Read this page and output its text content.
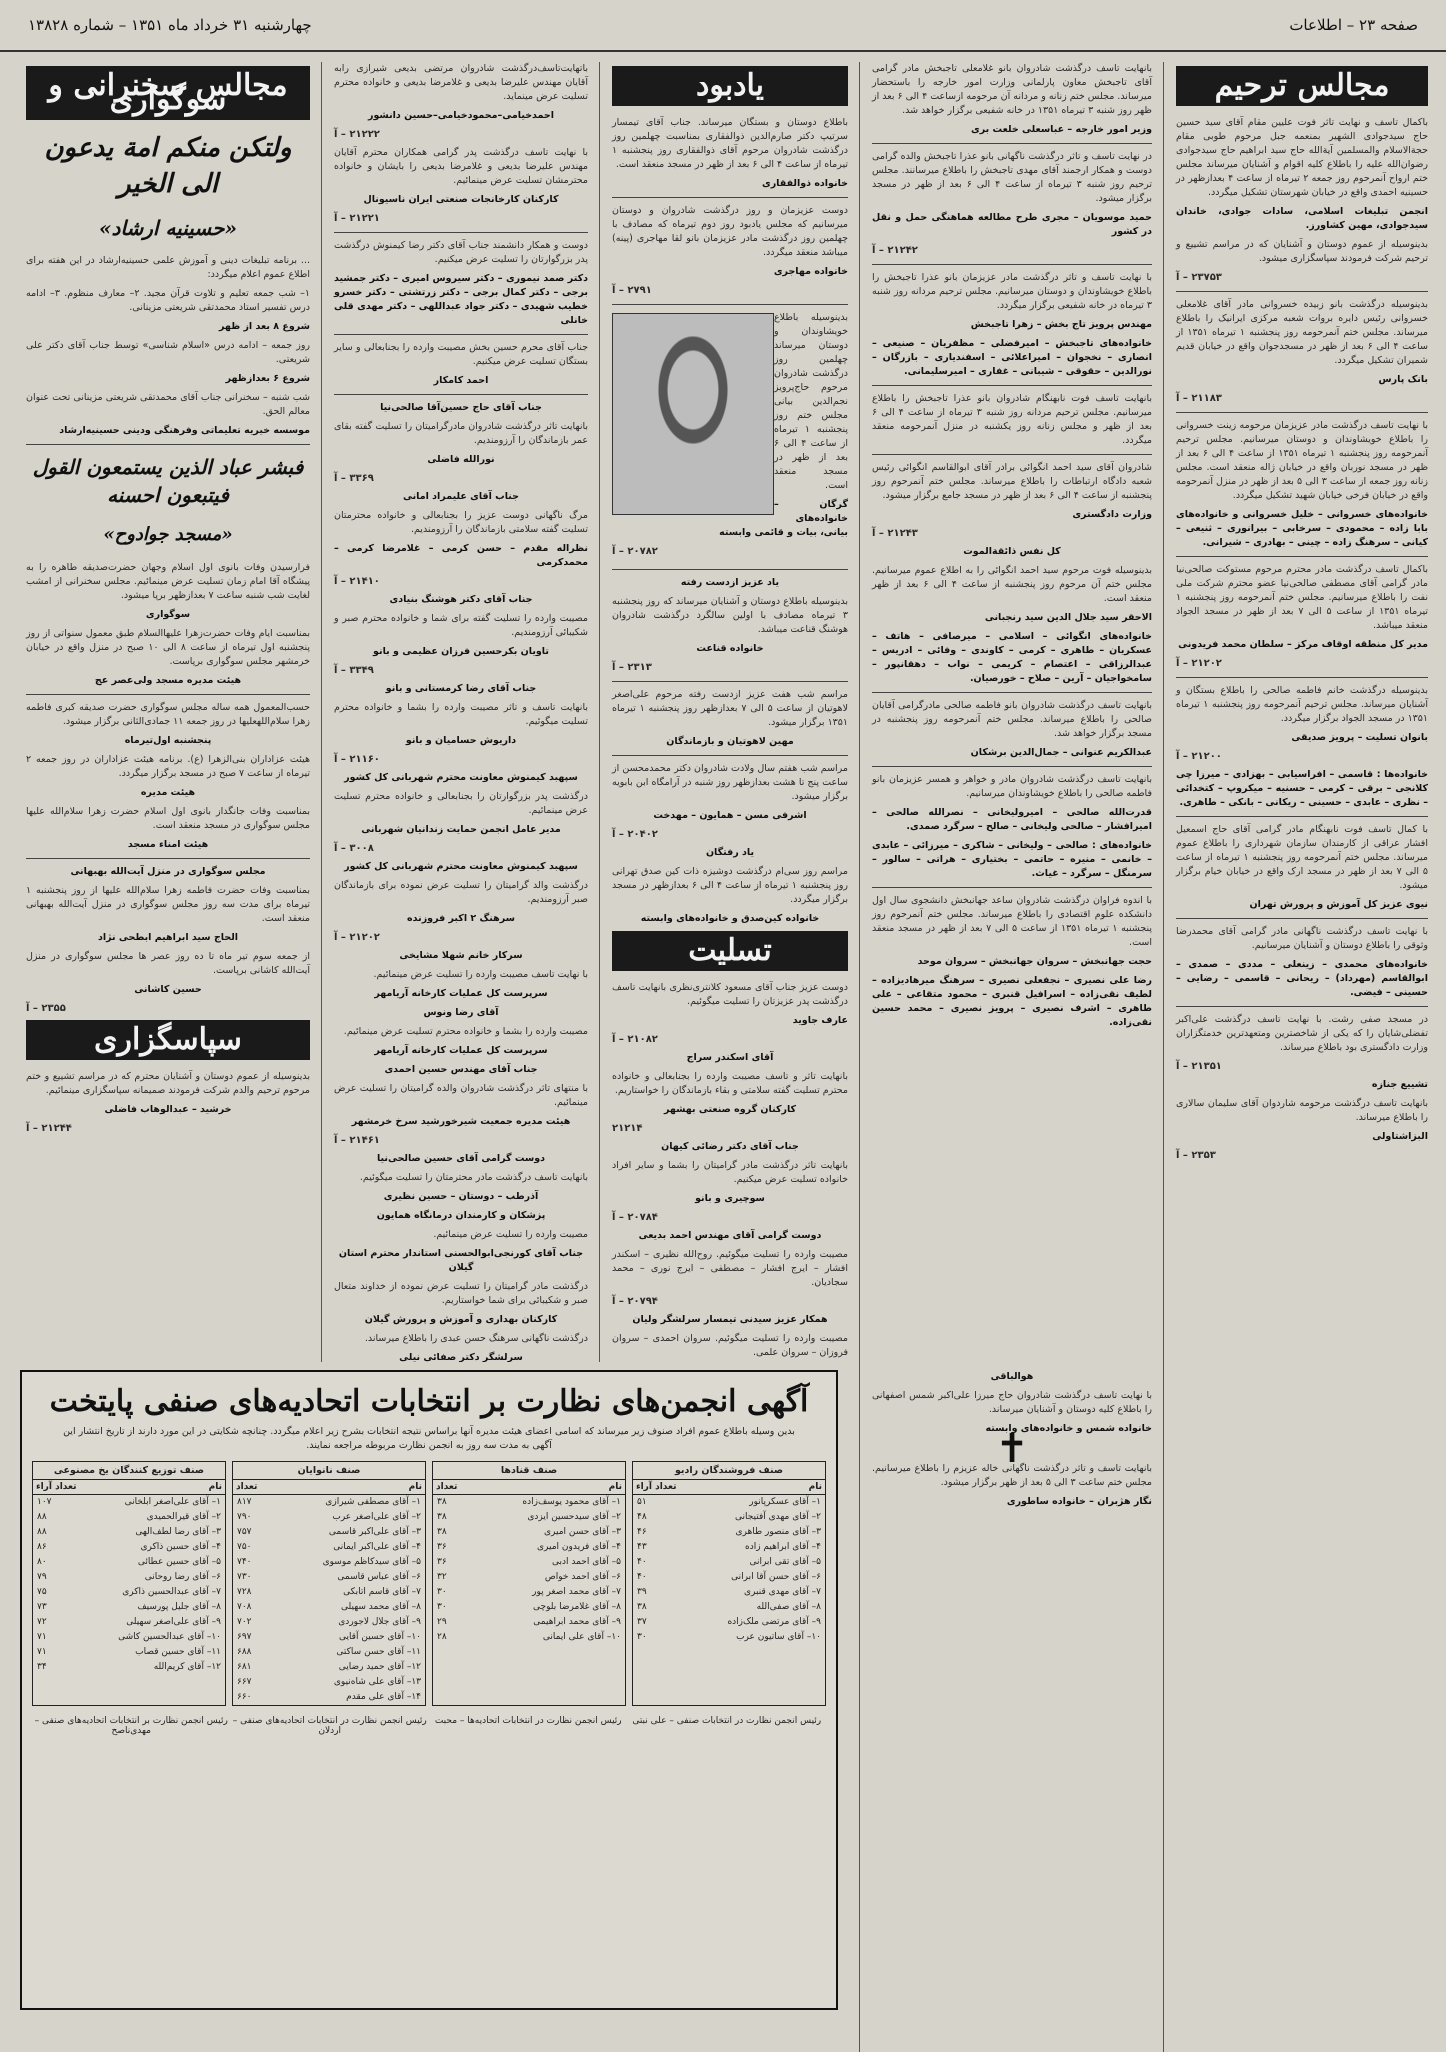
صفحه ۲۳ – اطلاعات
چهارشنبه ۳۱ خرداد ماه ۱۳۵۱ – شماره ۱۳۸۲۸
مجالس ترحیم

باکمال تاسف و نهایت تاثر فوت علیین مقام آقای سید حسین حاج سیدجوادی الشهیر بمنعمه جبل مرحوم طوبی مقام حجةالاسلام والمسلمین آیةالله حاج سید ابراهیم حاج سیدجوادی رضوان‌الله علیه را باطلاع کلیه اقوام و آشنایان میرساند مجلس ختم ارواح آنمرحوم روز جمعه ۲ تیرماه از ساعت ۴ بعدازظهر در حسینیه احمدی واقع در خیابان شهرستان تشکیل میگردد.

انجمن تبلیغات اسلامی، سادات جوادی، خاندان سیدجوادی، مهین کشاورز.

بدینوسیله از عموم دوستان و آشنایان که در مراسم تشییع و ترحیم شرکت فرمودند سپاسگزاری میشود.

۲۳۷۵۳ – آ

بدینوسیله درگذشت بانو زبیده خسروانی مادر آقای غلامعلی خسروانی رئیس دایره بروات شعبه مرکزی ایرانیک را باطلاع میرساند. مجلس ختم آنمرحومه روز پنجشنبه ۱ تیرماه ۱۳۵۱ از ساعت ۴ الی ۶ بعد از ظهر در مسجدجوان واقع در خیابان قدیم شمیران تشکیل میگردد.

بانک پارس

۲۱۱۸۳ – آ

با نهایت تاسف درگذشت مادر عزیزمان مرحومه زینت خسروانی را باطلاع خویشاوندان و دوستان میرسانیم. مجلس ترحیم آنمرحومه روز پنجشنبه ۱ تیرماه ۱۳۵۱ از ساعت ۴ الی ۶ بعد از ظهر در مسجد نوربان واقع در خیابان ژاله منعقد است. مجلس زنانه روز جمعه از ساعت ۳ الی ۵ بعد از ظهر در منزل آنمرحومه واقع در خیابان فرخی خیابان شهید تشکیل میگردد.

خانواده‌های خسروانی – خلیل خسروانی و خانواده‌های بابا زاده – محمودی – سرخابی – بیرانوری – ثنیعی – کیانی – سرهنگ زاده – چینی – بهادری – شیرانی.

باکمال تاسف درگذشت مادر محترم مرحوم مستوکت صالحی‌نیا مادر گرامی آقای مصطفی صالحی‌نیا عضو محترم شرکت ملی نفت را باطلاع میرسانیم. مجلس ختم آنمرحومه روز پنجشنبه ۱ تیرماه ۱۳۵۱ از ساعت ۵ الی ۷ بعد از ظهر در مسجد الجواد منعقد میباشد.

مدیر کل منطقه اوقاف مرکز – سلطان محمد فریدونی

۲۱۲۰۲ – آ

بدینوسیله درگذشت خانم فاطمه صالحی را باطلاع بستگان و آشنایان میرساند. مجلس ترحیم آنمرحومه روز پنجشنبه ۱ تیرماه ۱۳۵۱ در مسجد الجواد برگزار میگردد.

بانوان تسلیت – پرویز صدیقی

۲۱۲۰۰ – آ

خانواده‌ها : قاسمی – افراسیابی – بهزادی – میرزا چی کلانجی – برقی – کرمی – حسنیه – میکروپ – کتخدائی – نظری – عابدی – حسینی – ریکانی – بانکی – طاهری.

با کمال تاسف فوت نابهنگام مادر گرامی آقای حاج اسمعیل افشار عراقی از کارمندان سازمان شهرداری را باطلاع عموم میرساند. مجلس ختم آنمرحومه روز پنجشنبه ۱ تیرماه از ساعت ۵ الی ۷ بعد از ظهر در مسجد ارک واقع در خیابان خیام برگزار میشود.

نیوی عزیز کل آموزش و پرورش تهران

با نهایت تاسف درگذشت ناگهانی مادر گرامی آقای محمدرضا وثوقی را باطلاع دوستان و آشنایان میرسانیم.

خانواده‌های محمدی – زینعلی – مددی – صمدی – ابوالقاسم (مهرداد) – ریحانی – قاسمی – رضایی – حسینی – فیضی.

در مسجد صفی رشت. با نهایت تاسف درگذشت علی‌اکبر تفضلی‌شایان را که یکی از شاخصترین ومتعهدترین خدمتگزاران وزارت دادگستری بود باطلاع میرساند.

۲۱۳۵۱ – آ

تشییع جنازه

بانهایت تاسف درگذشت مرحومه شاردوان آقای سلیمان سالاری را باطلاع میرساند.

البزاشتاولی

۲۳۵۳ – آ

بانهایت تاسف درگذشت شادروان بانو غلامعلی تاجبخش مادر گرامی آقای تاجبخش معاون پارلمانی وزارت امور خارجه را باستحضار میرساند. مجلس ختم زنانه و مردانه آن مرحومه ازساعت ۴ الی ۶ بعد از ظهر روز شنبه ۳ تیرماه ۱۳۵۱ در خانه شفیعی برگزار خواهد شد.

وزیر امور خارجه – عباسعلی خلعت بری

در نهایت تاسف و تاثر درگذشت ناگهانی بانو عذرا تاجبخش والده گرامی دوست و همکار ارجمند آقای مهدی تاجبخش را باطلاع میرسانند. مجلس ترحیم روز شنبه ۳ تیرماه از ساعت ۴ الی ۶ بعد از ظهر در مسجد برگزار میشود.

حمید موسویان – مجری طرح مطالعه هماهنگی حمل و نقل در کشور

۲۱۲۴۲ – آ

با نهایت تاسف و تاثر درگذشت مادر عزیزمان بانو عذرا تاجبخش را باطلاع خویشاوندان و دوستان میرسانیم. مجلس ترحیم مردانه روز شنبه ۳ تیرماه در خانه شفیعی برگزار میگردد.

مهندس پرویز تاج بخش – زهرا تاجبخش

خانواده‌های تاجبخش – امیرفضلی – مظفریان – صنیعی – انصاری – نخجوان – امیراعلائی – اسفندیاری – بازرگان – نورالدین – حقوقی – شیبانی – غفاری – امیرسلیمانی.

بانهایت تاسف فوت نابهنگام شادروان بانو عذرا تاجبخش را باطلاع میرسانیم. مجلس ترحیم مردانه روز شنبه ۳ تیرماه از ساعت ۴ الی ۶ بعد از ظهر و مجلس زنانه روز یکشنبه در منزل آنمرحومه منعقد میگردد.

شادروان آقای سید احمد انگوائی برادر آقای ابوالقاسم انگوائی رئیس شعبه دادگاه ارتباطات را باطلاع میرساند. مجلس ختم آنمرحوم روز پنجشنبه از ساعت ۴ الی ۶ بعد از ظهر در مسجد جامع برگزار میشود.

وزارت دادگستری

۲۱۲۴۳ – آ

کل نفس ذائقةالموت

بدینوسیله فوت مرحوم سید احمد انگوائی را به اطلاع عموم میرسانیم. مجلس ختم آن مرحوم روز پنجشنبه از ساعت ۴ الی ۶ بعد از ظهر منعقد است.

الاحقر سید جلال الدین سید رنجبانی

خانواده‌های انگوائی – اسلامی – میرصافی – هاتف – عسکریان – طاهری – کرمی – کاوندی – وفائی – ادریس – عبدالرزاقی – اعتصام – کریمی – نواب – دهقانپور – سامخواجیان – آرین – صلاح – خورصیان.

بانهایت تاسف درگذشت شادروان بانو فاطمه صالحی مادرگرامی آقایان صالحی را باطلاع میرساند. مجلس ختم آنمرحومه روز پنجشنبه در مسجد برگزار خواهد شد.

عبدالکریم عنوانی – جمال‌الدین برشکان

بانهایت تاسف درگذشت شادروان مادر و خواهر و همسر عزیزمان بانو فاطمه صالحی را باطلاع خویشاوندان میرسانیم.

قدرت‌الله صالحی – امیرولیخانی – نصرالله صالحی – امیرافشار – صالحی ولیخانی – صالح – سرگرد صمدی.

خانواده‌های : صالحی – ولیخانی – شاکری – میرزائی – عابدی – خانمی – منیره – حاتمی – بختیاری – هراتی – سالور – سرمنگل – سرگرد – غیاث.

با اندوه فراوان درگذشت شادروان ساعد جهانبخش دانشجوی سال اول دانشکده علوم اقتصادی را باطلاع میرساند. مجلس ختم آنمرحوم روز پنجشنبه ۱ تیرماه ۱۳۵۱ از ساعت ۵ الی ۷ بعد از ظهر در مسجد منعقد است.

حجت جهانبخش – سروان جهانبخش – سروان موحد

رضا علی نصیری – نجفعلی نصیری – سرهنگ میرهادیزاده – لطیف نقی‌زاده – اسرافیل قنبری – محمود متقاعی – علی طاهری – اشرف نصیری – پرویز نصیری – محمد حسین نقی‌زاده.

هوالباقی

با نهایت تاسف درگذشت شادروان حاج میرزا علی‌اکبر شمس اصفهانی را باطلاع کلیه دوستان و آشنایان میرساند.

خانواده شمس و خانواده‌های وابسته

✝

بانهایت تاسف و تاثر درگذشت ناگهانی خاله عزیزم را باطلاع میرسانیم. مجلس ختم ساعت ۳ الی ۵ بعد از ظهر برگزار میشود.

نگار هژبران – خانواده ساطوری

یادبود

باطلاع دوستان و بستگان میرساند. جناب آقای تیمسار سرتیپ دکتر صارم‌الدین ذوالفقاری بمناسبت چهلمین روز درگذشت شادروان مرحوم آقای ذوالفقاری روز پنجشنبه ۱ تیرماه از ساعت ۴ الی ۶ بعد از ظهر در مسجد منعقد است.

خانواده ذوالفقاری

دوست عزیزمان و روز درگذشت شادروان و دوستان میرسانیم که مجلس یادبود روز دوم تیرماه که مصادف با چهلمین روز درگذشت مادر عزیزمان بانو لقا مهاجری (پینه) میباشد منعقد میگردد.

خانواده مهاجری

۲۷۹۱ – آ

بدینوسیله باطلاع خویشاوندان و دوستان میرساند چهلمین روز درگذشت شادروان مرحوم حاج‌پرویز نجم‌الدین بیانی مجلس ختم روز پنجشنبه ۱ تیرماه از ساعت ۴ الی ۶ بعد از ظهر در مسجد منعقد است.

گرگان – خانواده‌های بیانی، بیات و قائمی وابسته

۲۰۷۸۲ – آ

یاد عزیز ازدست رفته

بدینوسیله باطلاع دوستان و آشنایان میرساند که روز پنجشنبه ۳ تیرماه مصادف با اولین سالگرد درگذشت شادروان هوشنگ قناعت میباشد.

خانواده قناعت

۲۳۱۳ – آ

مراسم شب هفت عزیز ازدست رفته مرحوم علی‌اصغر لاهوتیان از ساعت ۵ الی ۷ بعدازظهر روز پنجشنبه ۱ تیرماه ۱۳۵۱ برگزار میشود.

مهین لاهوتیان و بازماندگان

مراسم شب هفتم سال ولادت شادروان دکتر محمدمحسن از ساعت پنج تا هشت بعدازظهر روز شنبه در آرامگاه ابن بابویه برگزار میشود.

اشرفی مسن – همایون – مهدخت

۲۰۴۰۲ – آ

یاد رفتگان

مراسم روز سی‌ام درگذشت دوشیزه ذات کین صدق تهرانی روز پنجشنبه ۱ تیرماه از ساعت ۴ الی ۶ بعدازظهر در مسجد برگزار میگردد.

خانواده کین‌صدق و خانواده‌های وابسته

تسلیت

دوست عزیز جناب آقای مسعود کلانتری‌نظری بانهایت تاسف درگذشت پدر عزیزتان را تسلیت میگوئیم.

عارف جاوید

۲۱۰۸۲ – آ

آقای اسکندر سراج

بانهایت تاثر و تاسف مصیبت وارده را بجنابعالی و خانواده محترم تسلیت گفته سلامتی و بقاء بازماندگان را خواستاریم.

کارکنان گروه صنعتی بهشهر

۲۱۲۱۴

جناب آقای دکتر رضائی کیهان

بانهایت تاثر درگذشت مادر گرامیتان را بشما و سایر افراد خانواده تسلیت عرض میکنیم.

سوچیری و بانو

۲۰۷۸۴ – آ

دوست گرامی آقای مهندس احمد بدیعی

مصیبت وارده را تسلیت میگوئیم. روح‌الله نظیری – اسکندر افشار – ایرج افشار – مصطفی – ایرج نوری – محمد سجادیان.

۲۰۷۹۴ – آ

همکار عزیز سیدنی تیمسار سرلشگر ولیان

مصیبت وارده را تسلیت میگوئیم. سروان احمدی – سروان فروزان – سروان علمی.

باتهایت‌تاسف‌درگذشت شادروان مرتضی بدیعی شیرازی رابه آقایان مهندس علیرضا بدیعی و غلامرضا بدیعی و خانواده محترم تسلیت عرض مینماید.

احمدخیامی‌–محمودخیامی–حسین دانشور

۲۱۲۲۲ – آ

با نهایت تاسف درگذشت پدر گرامی همکاران محترم آقایان مهندس علیرضا بدیعی و غلامرضا بدیعی را بایشان و خانواده محترمشان تسلیت عرض مینمائیم.

کارکنان کارخانجات صنعتی ایران ناسیونال

۲۱۲۲۱ – آ

دوست و همکار دانشمند جناب آقای دکتر رضا کیمنوش درگذشت پدر بزرگوارتان را تسلیت عرض میکنیم.

دکتر صمد نیموری – دکتر سیروس امیری – دکتر جمشید برجی – دکتر کمال برجی – دکتر زرتشتی – دکتر خسرو خطیب شهیدی – دکتر جواد عبداللهی – دکتر مهدی قلی خانلی

جناب آقای محرم حسین بخش مصیبت وارده را بجنابعالی و سایر بستگان تسلیت عرض میکنیم.

احمد کامکار

جناب آقای حاج حسین‌آقا صالحی‌نیا

بانهایت تاثر درگذشت شادروان مادرگرامیتان را تسلیت گفته بقای عمر بازماندگان را آرزومندیم.

نورالله فاضلی

۳۳۶۹ – آ

جناب آقای علیمراد امانی

مرگ ناگهانی دوست عزیز را بجنابعالی و خانواده محترمتان تسلیت گفته سلامتی بازماندگان را آرزومندیم.

نظر‌اله مقدم – حسن کرمی – غلامرضا کرمی – محمدکرمی

۲۱۴۱۰ – آ

جناب آقای دکتر هوشنگ بنیادی

مصیبت وارده را تسلیت گفته برای شما و خانواده محترم صبر و شکیبائی آرزومندیم.

تاویان بکرحسین فرزان عظیمی و بانو

۳۳۴۹ – آ

جناب آقای رضا کرمستانی و بانو

بانهایت تاسف و تاثر مصیبت وارده را بشما و خانواده محترم تسلیت میگوئیم.

داریوش حسامیان و بانو

۲۱۱۶۰ – آ

سپهبد کیمنوش معاونت محترم شهربانی کل کشور

درگذشت پدر بزرگوارتان را بجنابعالی و خانواده محترم تسلیت عرض مینمائیم.

مدیر عامل انجمن حمایت زندانیان شهربانی

۳۰۰۸ – آ

سپهبد کیمنوش معاونت محترم شهربانی کل کشور

درگذشت والد گرامیتان را تسلیت عرض نموده برای بازماندگان صبر آرزومندیم.

سرهنگ ۲ اکبر فروزنده

۲۱۲۰۲ – آ

سرکار خانم شهلا مشایخی

با نهایت تاسف مصیبت وارده را تسلیت عرض مینمائیم.

سرپرست کل عملیات کارخانه آریامهر

آقای رضا ونوس

مصیبت وارده را بشما و خانواده محترم تسلیت عرض مینمائیم.

سرپرست کل عملیات کارخانه آریامهر

جناب آقای مهندس حسین احمدی

با منتهای تاثر درگذشت شادروان والده گرامیتان را تسلیت عرض مینمائیم.

هیئت مدیره جمعیت شیرخورشید سرخ خرمشهر

۲۱۴۶۱ – آ

دوست گرامی آقای حسین صالحی‌نیا

بانهایت تاسف درگذشت مادر محترمتان را تسلیت میگوئیم.

آذرطب – دوستان – حسین نظیری

پزشکان و کارمندان درمانگاه همایون

مصیبت وارده را تسلیت عرض مینمائیم.

جناب آقای کورنجی‌ابوالحسنی استاندار محترم استان گیلان

درگذشت مادر گرامیتان را تسلیت عرض نموده از خداوند متعال صبر و شکیبائی برای شما خواستاریم.

کارکنان بهداری و آموزش و پرورش گیلان

درگذشت ناگهانی سرهنگ حسن عبدی را باطلاع میرساند.

سرلشگر دکتر صفائی نیلی

مجالس سخنرانی و سوگواری
ولتکن منکم امة یدعون الی الخیر
«حسینیه ارشاد»

... برنامه تبلیغات دینی و آموزش علمی حسینیه‌ارشاد در این هفته برای اطلاع عموم اعلام میگردد:

۱– شب جمعه تعلیم و تلاوت قرآن مجید. ۲– معارف منظوم. ۳– ادامه درس تفسیر استاد محمدتقی شریعتی مزینانی.

شروع ۸ بعد از ظهر

روز جمعه – ادامه درس «اسلام شناسی» توسط جناب آقای دکتر علی شریعتی.

شروع ۶ بعدازظهر

شب شنبه – سخنرانی جناب آقای محمدتقی شریعتی مزینانی تحت عنوان معالم الحق.

موسسه خیریه تعلیماتی وفرهنگی ودینی حسینیه‌ارشاد

فبشر عباد الذین یستمعون القول فیتبعون احسنه
«مسجد جوادوح»

فرارسیدن وفات بانوی اول اسلام وجهان حضرت‌صدیقه طاهره را به پیشگاه آقا امام زمان تسلیت عرض مینمائیم. مجلس سخنرانی از امشب لغایت شب شنبه ساعت ۷ بعدازظهر برپا میشود.

سوگواری

بمناسبت ایام وفات حضرت‌زهرا علیهاالسلام طبق معمول سنواتی از روز پنجشنبه اول تیرماه از ساعت ۸ الی ۱۰ صبح در منزل واقع در خیابان خرمشهر مجلس سوگواری برپاست.

هیئت مدیره مسجد ولی‌عصر عج

حسب‌المعمول همه ساله مجلس سوگواری حضرت صدیقه کبری فاطمه زهرا سلام‌اللهعلیها در روز جمعه ۱۱ جمادی‌الثانی برگزار میشود.

پنجشنبه اول‌تیر‌ماه

هیئت عزاداران بنی‌الزهرا (ع). برنامه هیئت عزاداران در روز جمعه ۲ تیرماه از ساعت ۷ صبح در مسجد برگزار میگردد.

هیئت مدیره

بمناسبت وفات جانگداز بانوی اول اسلام حضرت زهرا سلام‌الله علیها مجلس سوگواری در مسجد منعقد است.

هیئت امناء مسجد

مجلس سوگواری در منزل آیت‌الله بهبهانی

بمناسبت وفات حضرت فاطمه زهرا سلام‌الله علیها از روز پنجشنبه ۱ تیرماه برای مدت سه روز مجلس سوگواری در منزل آیت‌الله بهبهانی منعقد است.

الحاج سید ابراهیم ابطحی نژاد

از جمعه سوم تیر ماه تا ده روز عصر ها مجلس سوگواری در منزل آیت‌الله کاشانی برپاست.

حسین کاشانی

۲۳۵۵ – آ
سپاسگزاری

بدینوسیله از عموم دوستان و آشنایان محترم که در مراسم تشییع و ختم مرحوم ترحیم والدم شرکت فرمودند صمیمانه سپاسگزاری مینمائیم.

خرشید – عبدالوهاب فاضلی

۲۱۲۴۴ – آ
آگهی انجمن‌های نظارت بر انتخابات اتحادیه‌های صنفی پایتخت
بدین وسیله باطلاع عموم افراد صنوف زیر میرساند که اسامی اعضای هیئت مدیره آنها براساس نتیجه انتخابات بشرح زیر اعلام میگردد. چنانچه شکایتی در این مورد دارند از تاریخ انتشار این آگهی به مدت سه روز به انجمن نظارت مربوطه مراجعه نمایند.
صنف فروشندگان رادیو
نام
تعداد آراء
۱– آقای عسکرپانور
۵۱
۲– آقای مهدی آفتیجانی
۴۸
۳– آقای منصور طاهری
۴۶
۴– آقای ابراهیم زاده
۴۳
۵– آقای تقی ابرانی
۴۰
۶– آقای حسن آقا ابرانی
۴۰
۷– آقای مهدی قنبری
۳۹
۸– آقای صفی‌الله
۳۸
۹– آقای مرتضی ملک‌زاده
۳۷
۱۰– آقای ساتیون عرب
۳۰
صنف قنادها
نام
تعداد
۱– آقای محمود یوسف‌زاده
۳۸
۲– آقای سیدحسین ایزدی
۳۸
۳– آقای حسن امیری
۳۸
۴– آقای فریدون امیری
۳۶
۵– آقای احمد ادبی
۳۶
۶– آقای احمد خواص
۳۲
۷– آقای محمد اصغر پور
۳۰
۸– آقای غلامرضا بلوچی
۳۰
۹– آقای محمد ابراهیمی
۲۹
۱۰– آقای علی ایمانی
۲۸
صنف نانوایان
نام
تعداد
۱– آقای مصطفی شیرازی
۸۱۷
۲– آقای علی‌اصغر عرب
۷۹۰
۳– آقای علی‌اکبر قاسمی
۷۵۷
۴– آقای علی‌اکبر ایمانی
۷۵۰
۵– آقای سیدکاظم موسوی
۷۴۰
۶– آقای عباس قاسمی
۷۳۰
۷– آقای قاسم اتابکی
۷۲۸
۸– آقای محمد سهیلی
۷۰۸
۹– آقای جلال لاجوردی
۷۰۲
۱۰– آقای حسین آقایی
۶۹۷
۱۱– آقای حسن ساکتی
۶۸۸
۱۲– آقای حمید رضایی
۶۸۱
۱۳– آقای علی شاه‌نیوی
۶۶۷
۱۴– آقای علی مقدم
۶۶۰
صنف توزیع کنندگان یخ مصنوعی
نام
تعداد آراء
۱– آقای علی‌اصغر ابلخانی
۱۰۷
۲– آقای قیرالحمیدی
۸۸
۳– آقای رضا لطف‌الهی
۸۸
۴– آقای حسین ذاکری
۸۶
۵– آقای حسین عطائی
۸۰
۶– آقای رضا روحانی
۷۹
۷– آقای عبدالحسین ذاکری
۷۵
۸– آقای جلیل پورسیف
۷۳
۹– آقای علی‌اصغر سهیلی
۷۲
۱۰– آقای عبدالحسین کاشی
۷۱
۱۱– آقای حسین قصاب
۷۱
۱۲– آقای کریم‌الله
۳۴
رئیس انجمن نظارت در انتخابات صنفی – علی نبتی
رئیس انجمن نظارت در انتخابات اتحادیه‌ها – محبت
رئیس انجمن نظارت در انتخابات اتحادیه‌های صنفی – اردلان
رئیس انجمن نظارت بر انتخابات اتحادیه‌های صنفی – مهدی‌ناصح
